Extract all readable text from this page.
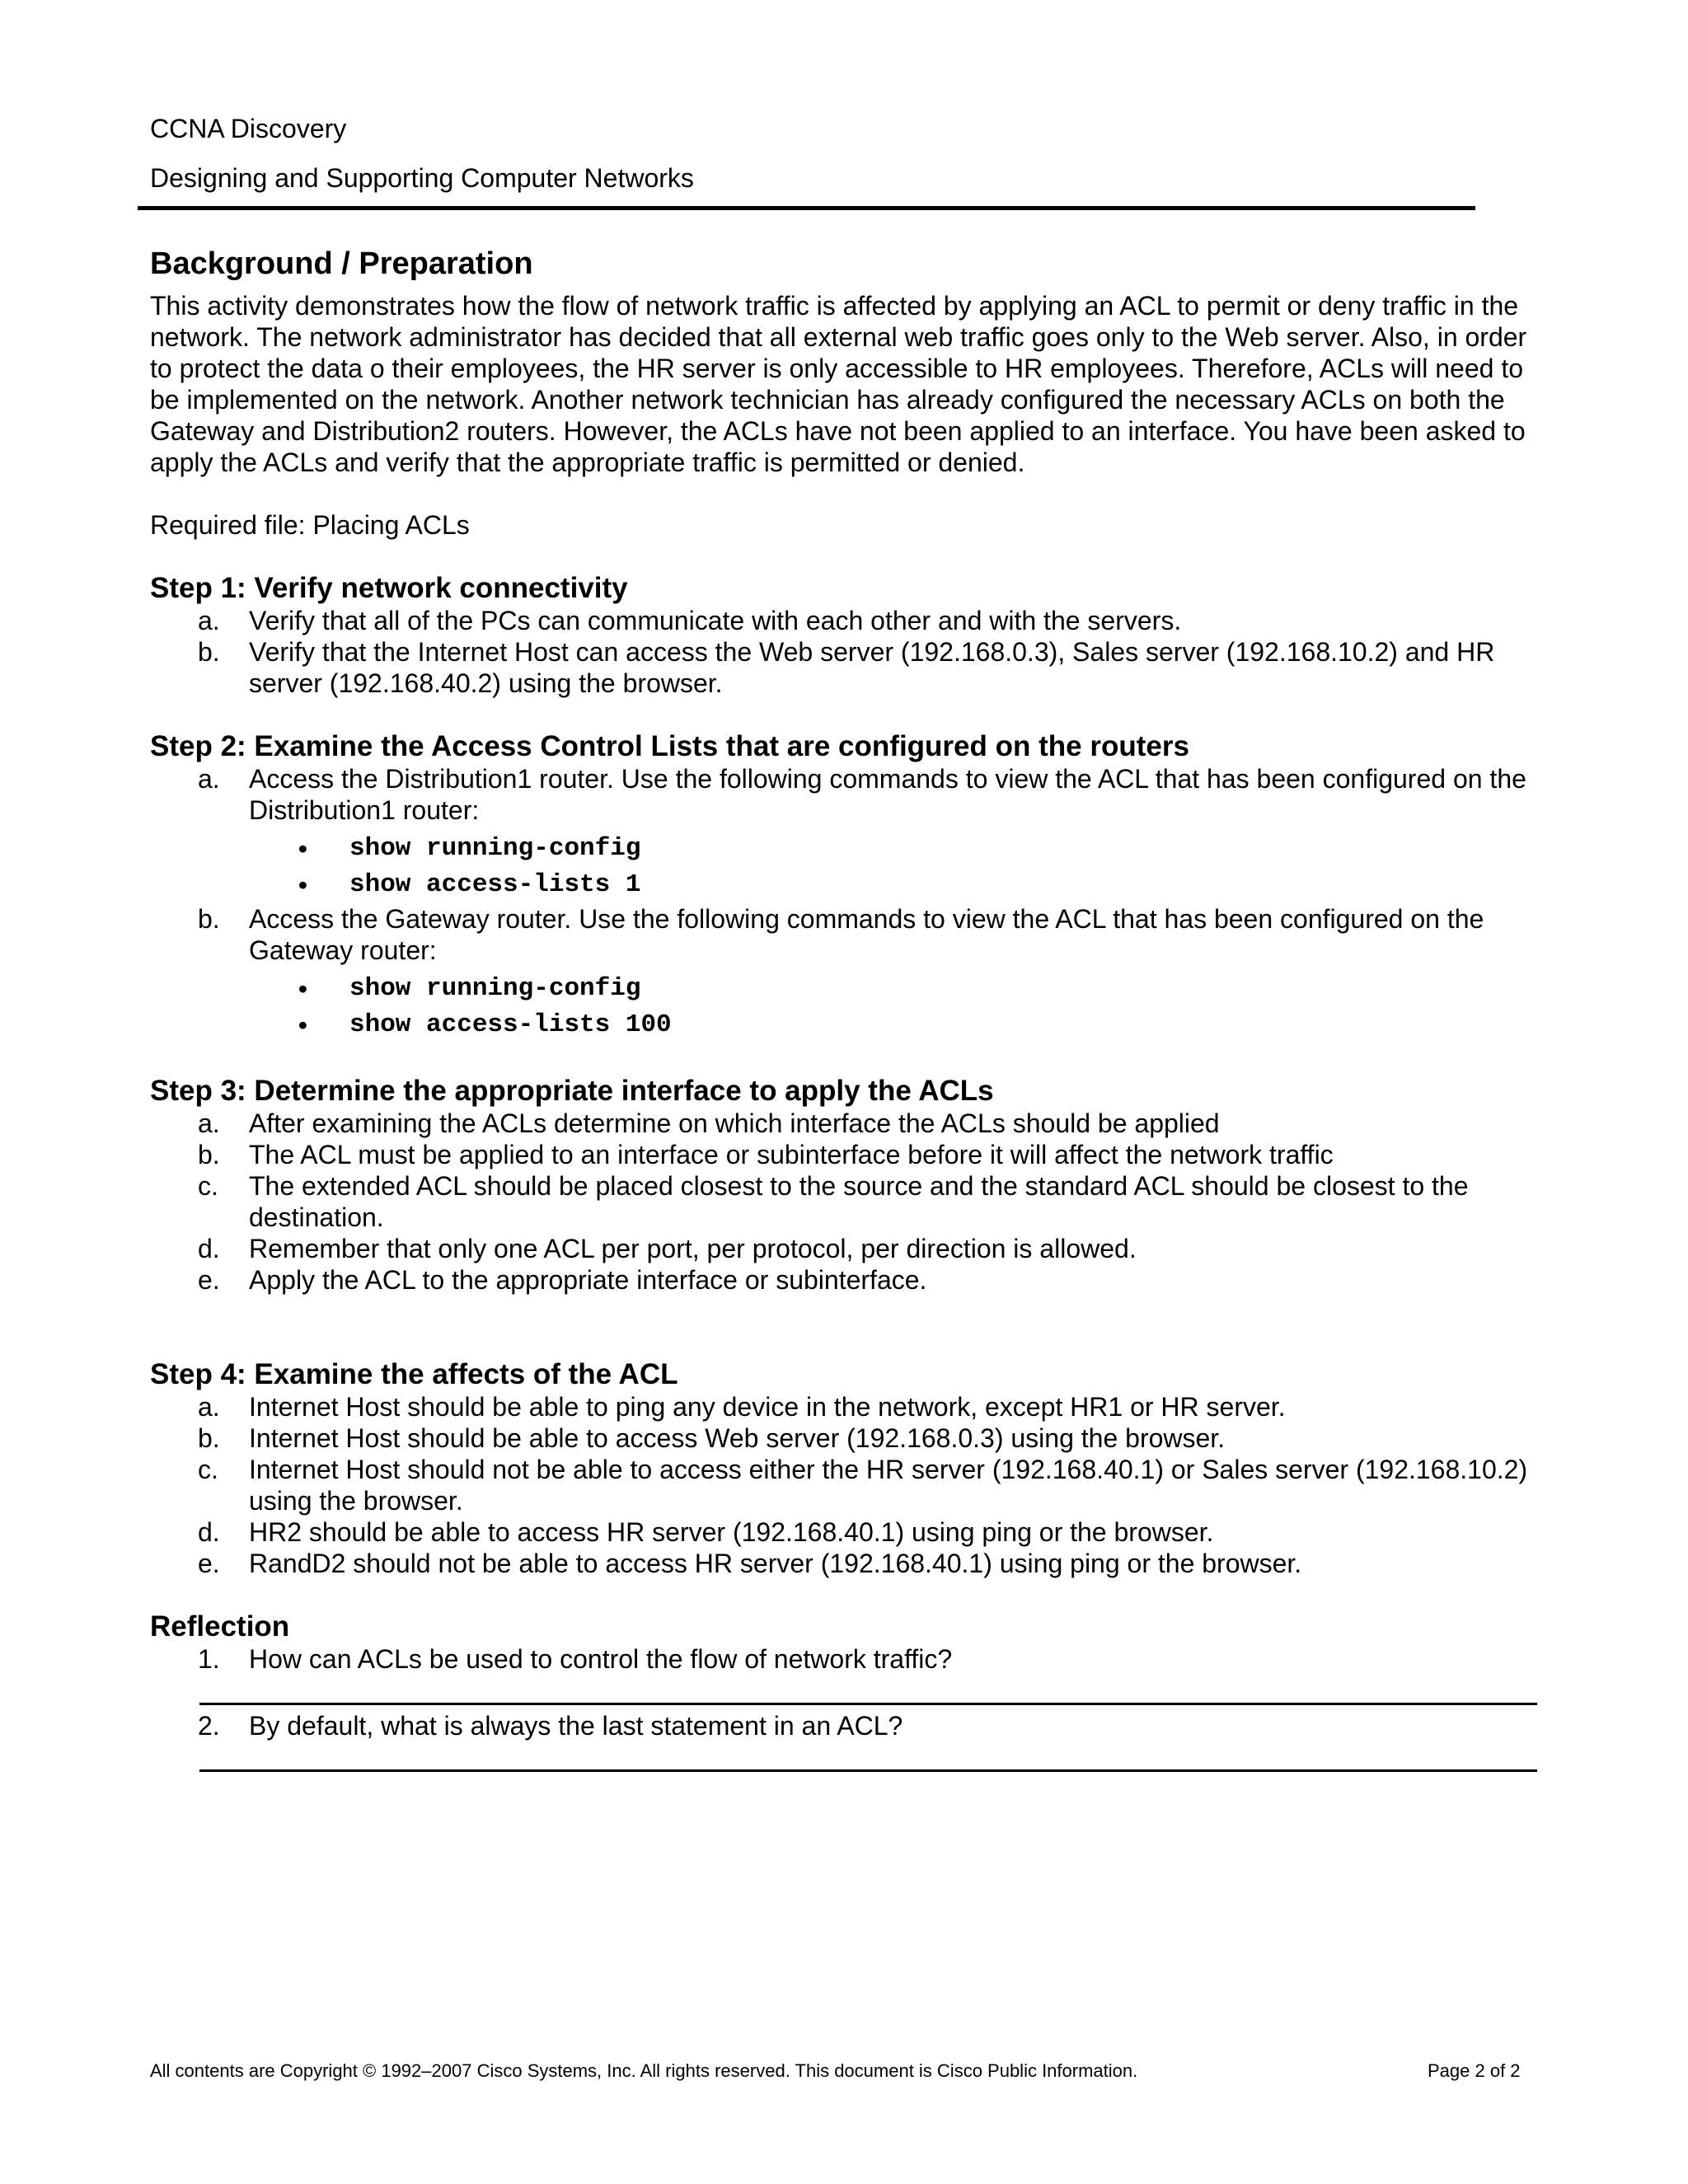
CCNA Discovery
Designing and Supporting Computer Networks
Background / Preparation

This activity demonstrates how the flow of network traffic is affected by applying an ACL to permit or deny traffic in the network. The network administrator has decided that all external web traffic goes only to the Web server. Also, in order to protect the data o their employees, the HR server is only accessible to HR employees. Therefore, ACLs will need to be implemented on the network. Another network technician has already configured the necessary ACLs on both the Gateway and Distribution2 routers. However, the ACLs have not been applied to an interface. You have been asked to apply the ACLs and verify that the appropriate traffic is permitted or denied.

Required file: Placing ACLs

Step 1: Verify network connectivity
a. Verify that all of the PCs can communicate with each other and with the servers.
b. Verify that the Internet Host can access the Web server (192.168.0.3), Sales server (192.168.10.2) and HR server (192.168.40.2) using the browser.
Step 2: Examine the Access Control Lists that are configured on the routers
a. Access the Distribution1 router. Use the following commands to view the ACL that has been configured on the Distribution1 router:
• show running-config
• show access-lists 1
b. Access the Gateway router. Use the following commands to view the ACL that has been configured on the Gateway router:
• show running-config
• show access-lists 100
Step 3: Determine the appropriate interface to apply the ACLs
a. After examining the ACLs determine on which interface the ACLs should be applied
b. The ACL must be applied to an interface or subinterface before it will affect the network traffic
c. The extended ACL should be placed closest to the source and the standard ACL should be closest to the destination.
d. Remember that only one ACL per port, per protocol, per direction is allowed.
e. Apply the ACL to the appropriate interface or subinterface.
Step 4: Examine the affects of the ACL
a. Internet Host should be able to ping any device in the network, except HR1 or HR server.
b. Internet Host should be able to access Web server (192.168.0.3) using the browser.
c. Internet Host should not be able to access either the HR server (192.168.40.1) or Sales server (192.168.10.2) using the browser.
d. HR2 should be able to access HR server (192.168.40.1) using ping or the browser.
e. RandD2 should not be able to access HR server (192.168.40.1) using ping or the browser.
Reflection
1. How can ACLs be used to control the flow of network traffic?
2. By default, what is always the last statement in an ACL?
All contents are Copyright © 1992–2007 Cisco Systems, Inc. All rights reserved. This document is Cisco Public Information.	Page 2 of 2
